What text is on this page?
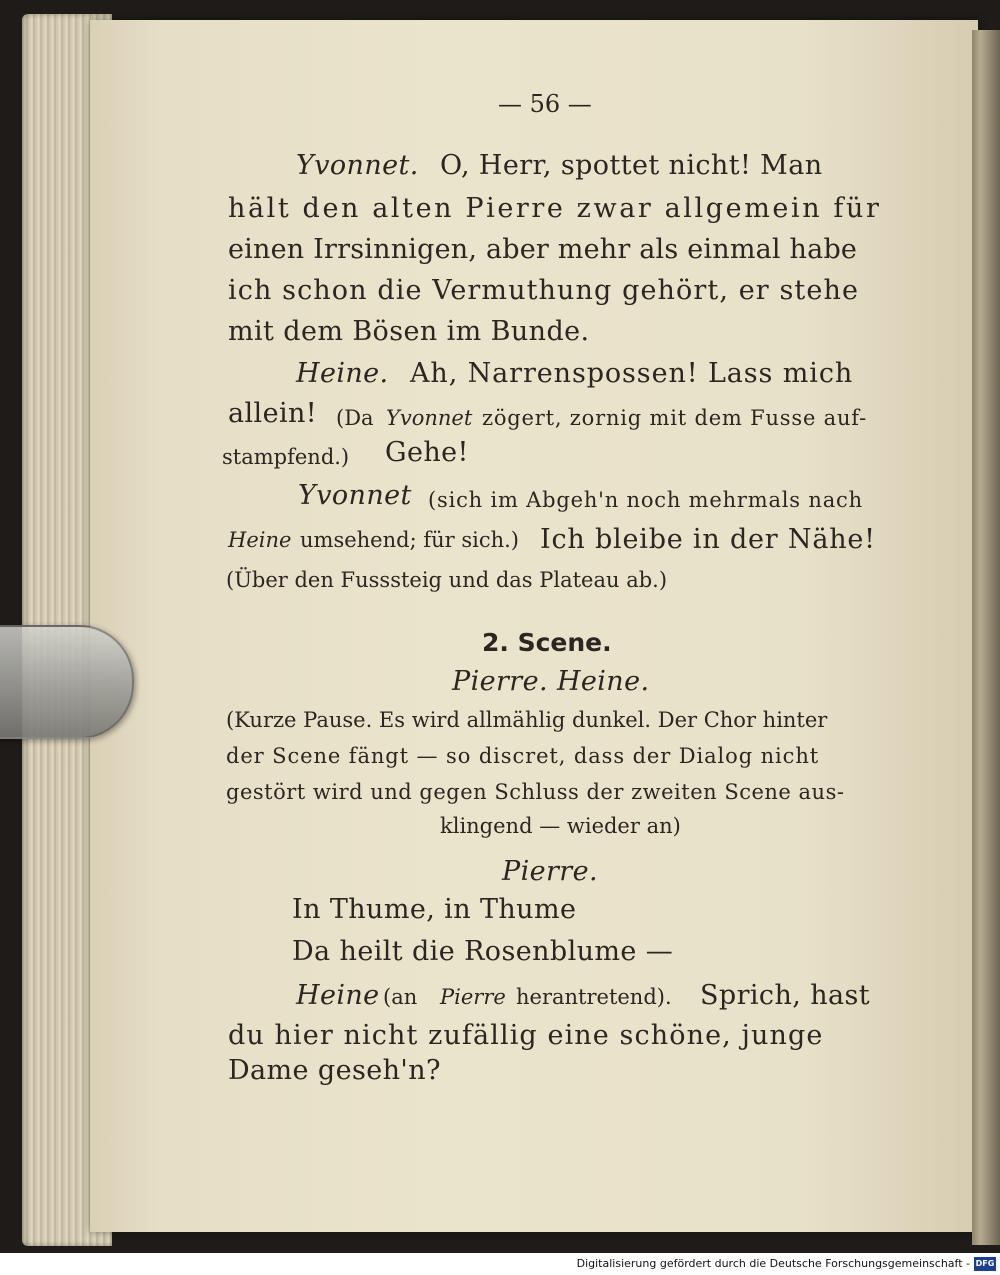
— 56 —
Yvonnet. O, Herr, spottet nicht! Man
hält den alten Pierre zwar allgemein für
einen Irrsinnigen, aber mehr als einmal habe
ich schon die Vermuthung gehört, er stehe
mit dem Bösen im Bunde.
Heine. Ah, Narrenspossen! Lass mich
allein! (Da Yvonnet zögert, zornig mit dem Fusse auf-
stampfend.) Gehe!
Yvonnet (sich im Abgeh'n noch mehrmals nach
Heine umsehend; für sich.) Ich bleibe in der Nähe!
(Über den Fusssteig und das Plateau ab.)
2. Scene.
Pierre. Heine.
(Kurze Pause. Es wird allmählig dunkel. Der Chor hinter
der Scene fängt — so discret, dass der Dialog nicht
gestört wird und gegen Schluss der zweiten Scene aus-
klingend — wieder an)
Pierre.
In Thume, in Thume
Da heilt die Rosenblume —
Heine (an Pierre herantretend). Sprich, hast
du hier nicht zufällig eine schöne, junge
Dame geseh'n?
Digitalisierung gefördert durch die Deutsche Forschungsgemeinschaft - DFG
